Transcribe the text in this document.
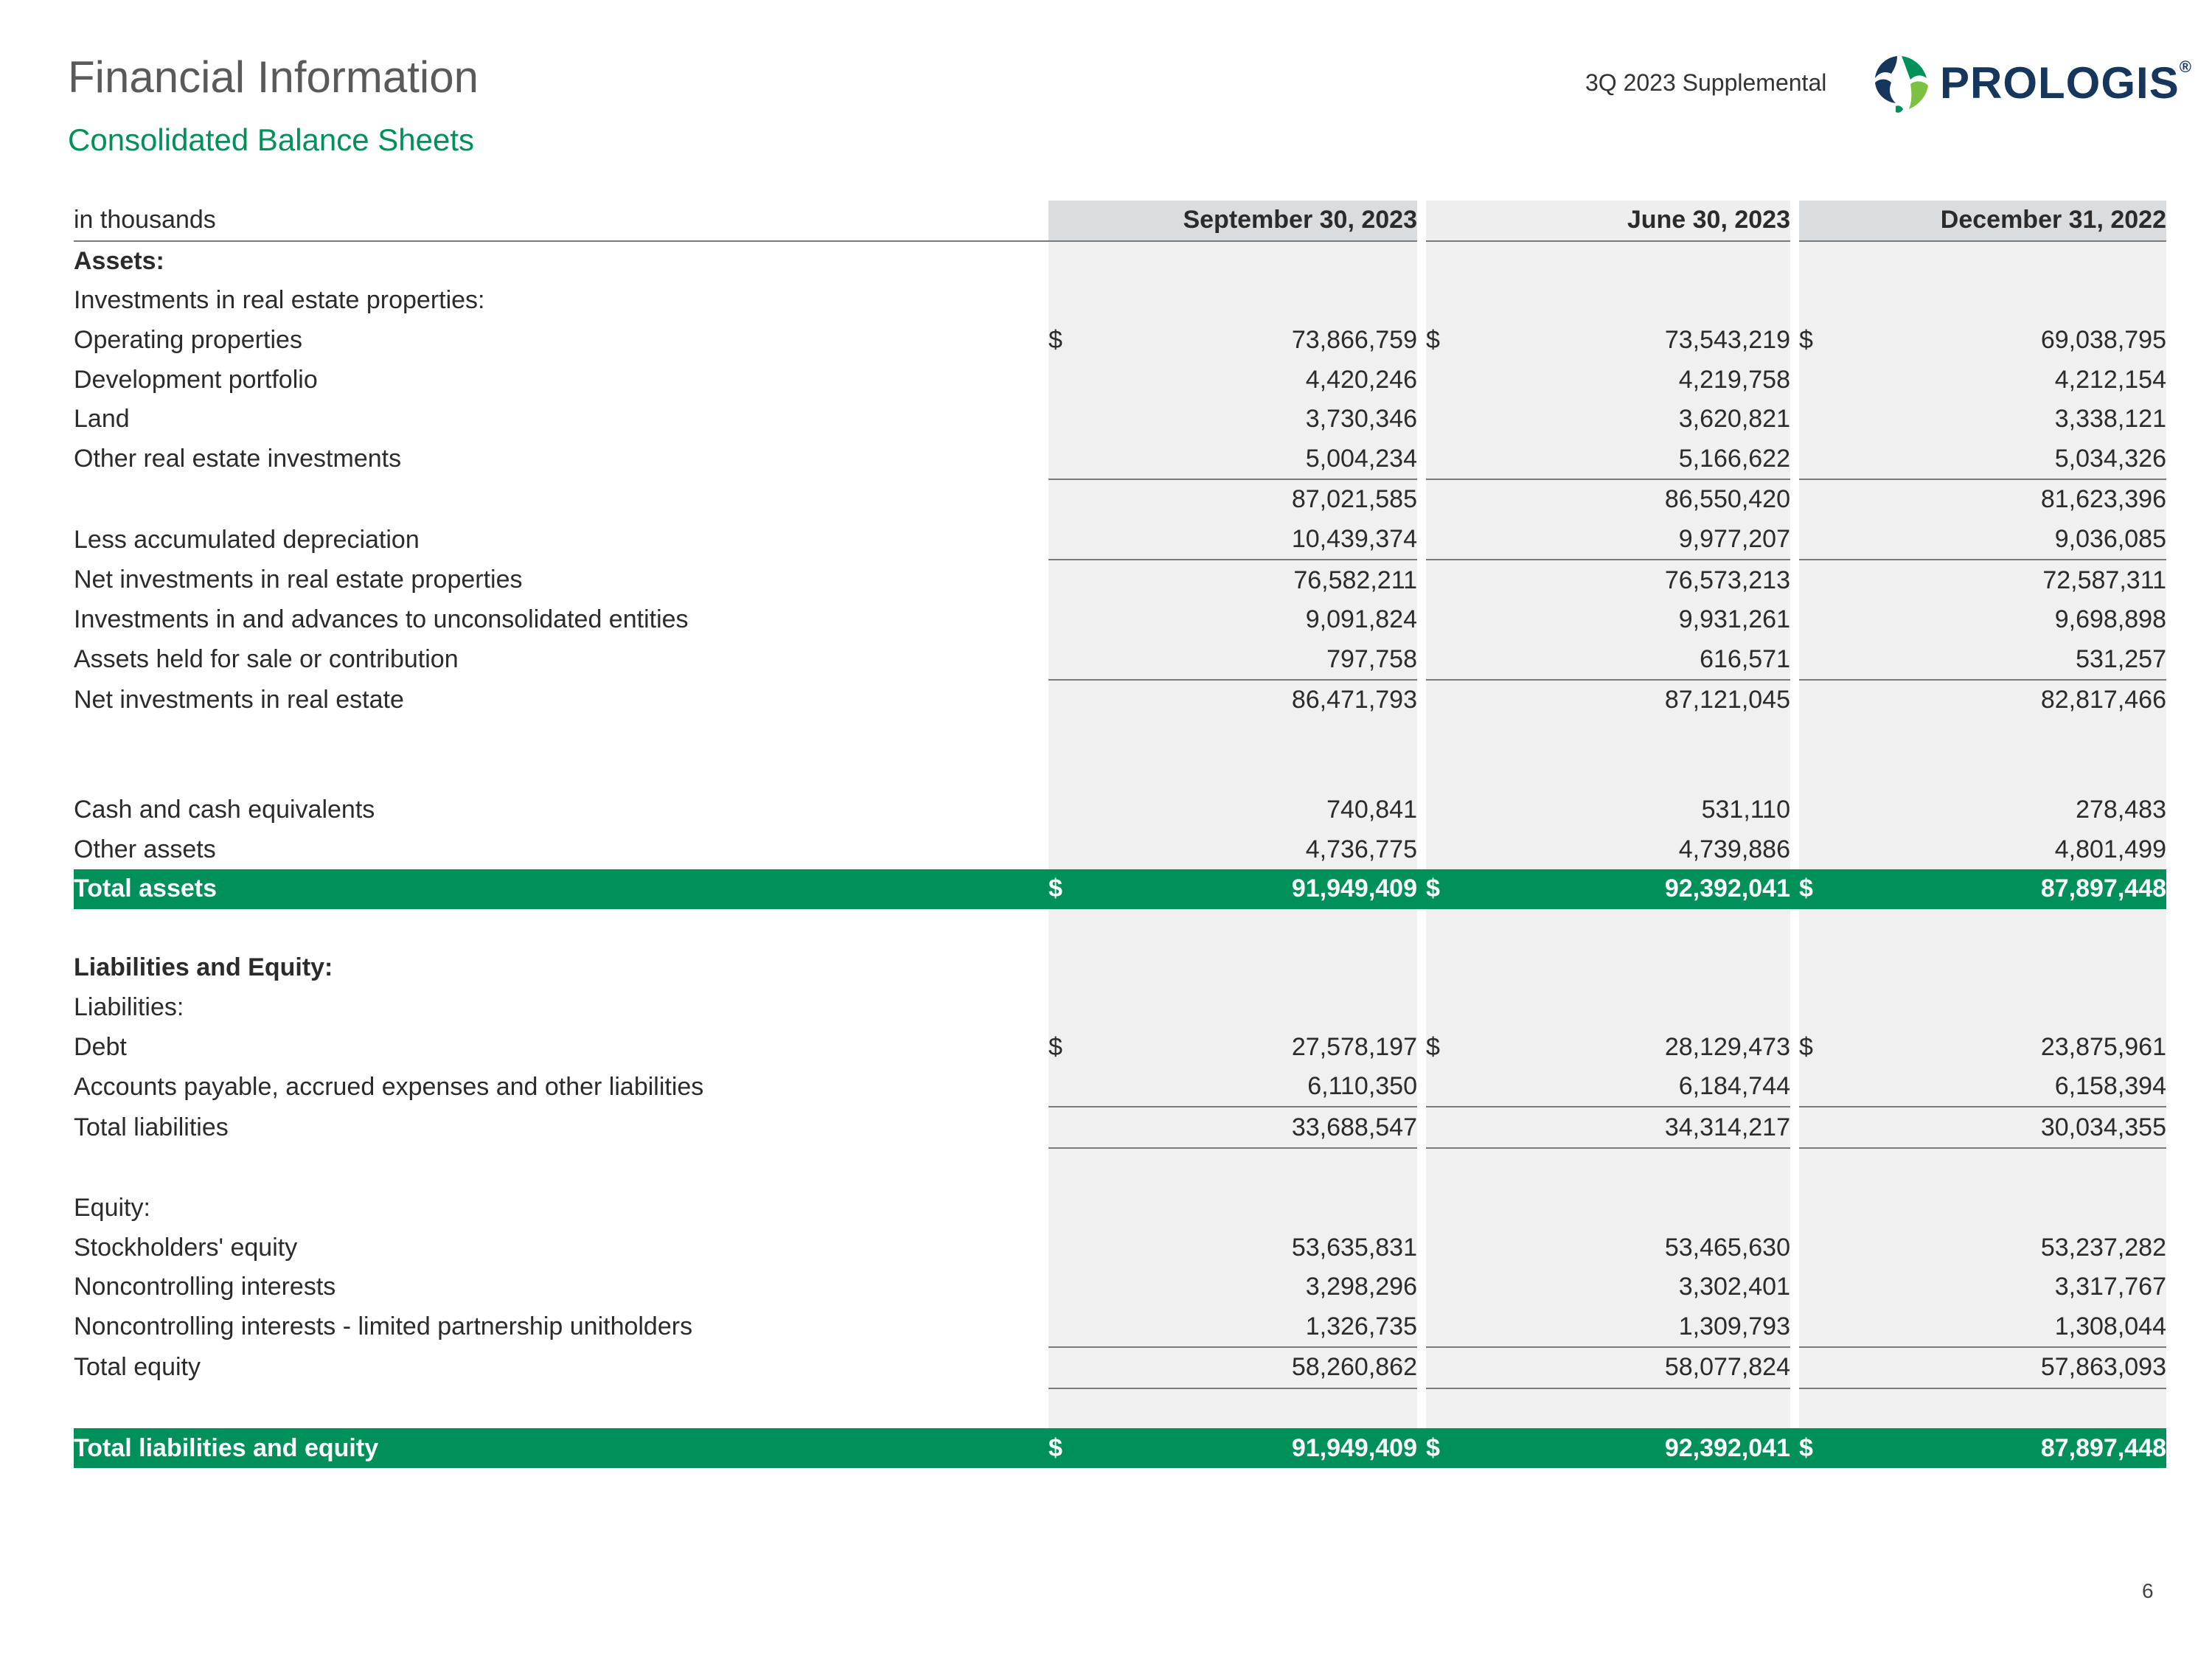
Financial Information
Consolidated Balance Sheets
3Q 2023 Supplemental	PROLOGIS®
in thousands	September 30, 2023			June 30, 2023			December 31, 2022	
Assets:								
Investments in real estate properties:								
Operating properties	$	73,866,759		$	73,543,219		$	69,038,795
Development portfolio	4,420,246			4,219,758			4,212,154	
Land	3,730,346			3,620,821			3,338,121	
Other real estate investments	5,004,234			5,166,622			5,034,326	
	87,021,585			86,550,420			81,623,396	
Less accumulated depreciation	10,439,374			9,977,207			9,036,085	
Net investments in real estate properties	76,582,211			76,573,213			72,587,311	
Investments in and advances to unconsolidated entities	9,091,824			9,931,261			9,698,898	
Assets held for sale or contribution	797,758			616,571			531,257	
Net investments in real estate	86,471,793			87,121,045			82,817,466	

Cash and cash equivalents	740,841			531,110			278,483	
Other assets	4,736,775			4,739,886			4,801,499	
Total assets	$	91,949,409		$	92,392,041		$	87,897,448

Liabilities and Equity:								
Liabilities:								
Debt	$	27,578,197		$	28,129,473		$	23,875,961
Accounts payable, accrued expenses and other liabilities	6,110,350			6,184,744			6,158,394	
Total liabilities	33,688,547			34,314,217			30,034,355	

Equity:								
Stockholders' equity	53,635,831			53,465,630			53,237,282	
Noncontrolling interests	3,298,296			3,302,401			3,317,767	
Noncontrolling interests - limited partnership unitholders	1,326,735			1,309,793			1,308,044	
Total equity	58,260,862			58,077,824			57,863,093	

Total liabilities and equity	$	91,949,409		$	92,392,041		$	87,897,448
6
